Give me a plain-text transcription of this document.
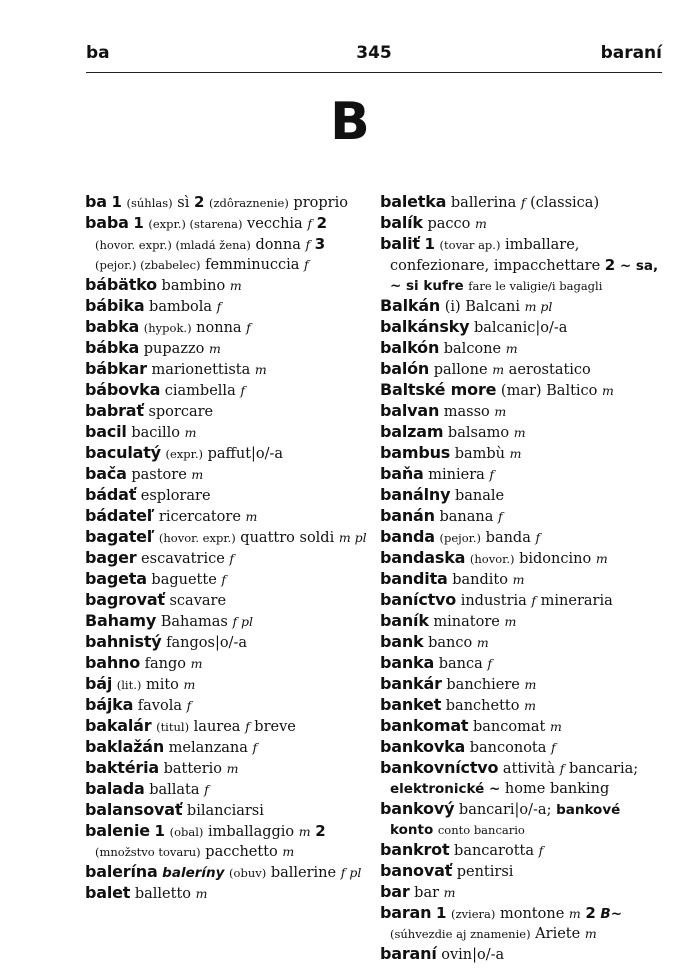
ba	345	baraní
B

ba 1 (súhlas) sì 2 (zdôraznenie) proprio

baba 1 (expr.) (starena) vecchia f 2 (hovor. expr.) (mladá žena) donna f 3 (pejor.) (zbabelec) femminuccia f

bábätko bambino m

bábika bambola f

babka (hypok.) nonna f

bábka pupazzo m

bábkar marionettista m

bábovka ciambella f

babrať sporcare

bacil bacillo m

baculatý (expr.) paffut|o/-a

bača pastore m

bádať esplorare

bádateľ ricercatore m

bagateľ (hovor. expr.) quattro soldi m pl

bager escavatrice f

bageta baguette f

bagrovať scavare

Bahamy Bahamas f pl

bahnistý fangos|o/-a

bahno fango m

báj (lit.) mito m

bájka favola f

bakalár (titul) laurea f breve

baklažán melanzana f

baktéria batterio m

balada ballata f

balansovať bilanciarsi

balenie 1 (obal) imballaggio m 2 (množstvo tovaru) pacchetto m

balerína baleríny (obuv) ballerine f pl

balet balletto m

baletka ballerina f (classica)

balík pacco m

baliť 1 (tovar ap.) imballare, confezionare, impacchettare 2 ~ sa, ~ si kufre fare le valigie/i bagagli

Balkán (i) Balcani m pl

balkánsky balcanic|o/-a

balkón balcone m

balón pallone m aerostatico

Baltské more (mar) Baltico m

balvan masso m

balzam balsamo m

bambus bambù m

baňa miniera f

banálny banale

banán banana f

banda (pejor.) banda f

bandaska (hovor.) bidoncino m

bandita bandito m

baníctvo industria f mineraria

baník minatore m

bank banco m

banka banca f

bankár banchiere m

banket banchetto m

bankomat bancomat m

bankovka banconota f

bankovníctvo attività f bancaria; elektronické ~ home banking

bankový bancari|o/-a; bankové konto conto bancario

bankrot bancarotta f

banovať pentirsi

bar bar m

baran 1 (zviera) montone m 2 B~ (súhvezdie aj znamenie) Ariete m

baraní ovin|o/-a
